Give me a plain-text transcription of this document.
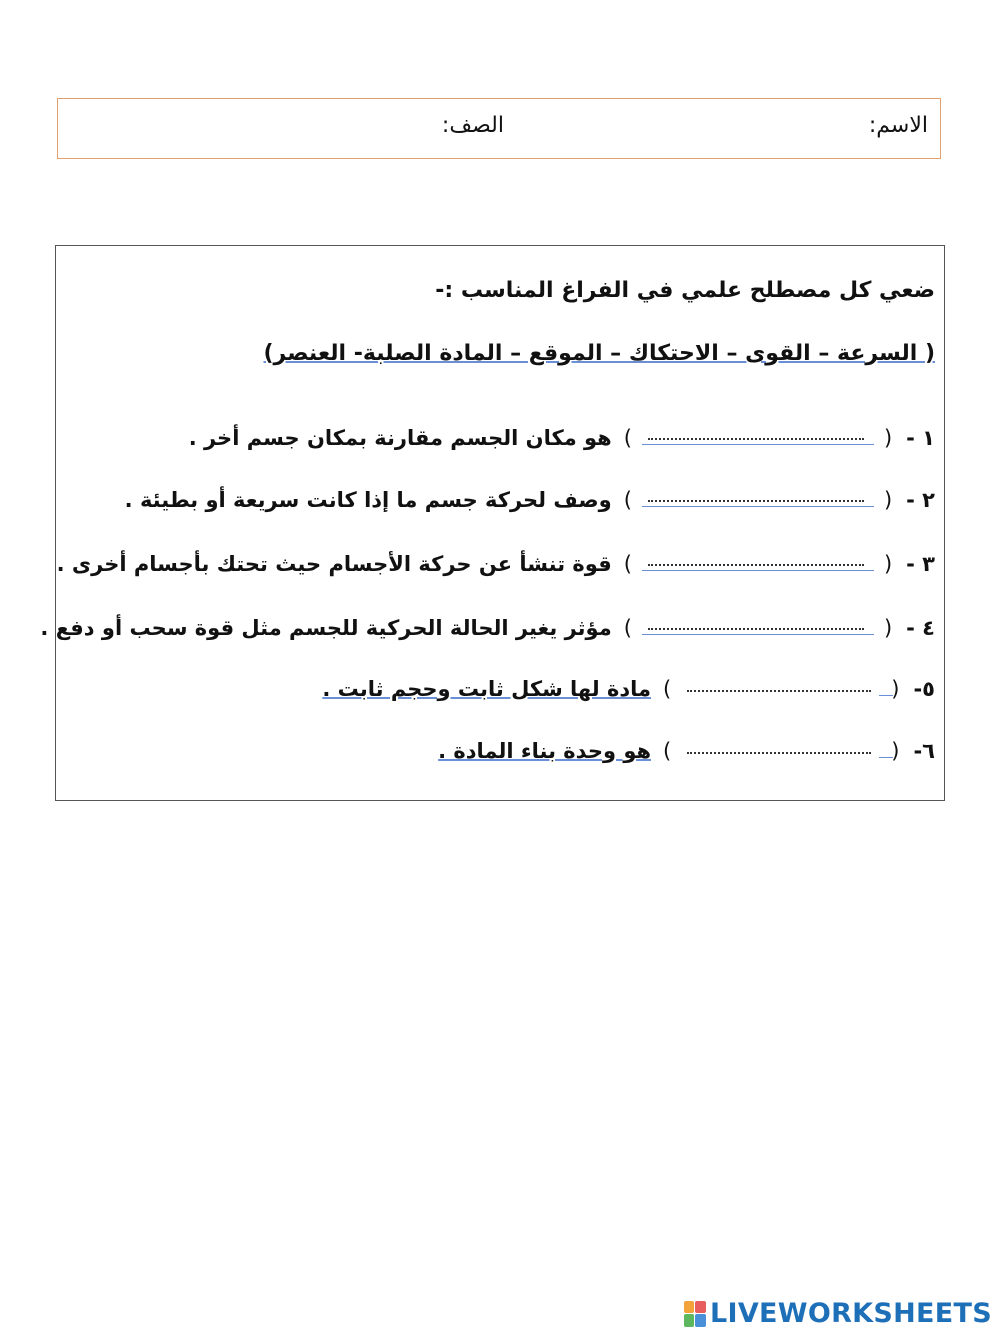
الاسم:
الصف:
ضعي كل مصطلح علمي في الفراغ المناسب :-
( السرعة – القوى – الاحتكاك – الموقع – المادة الصلبة- العنصر)
١ -
(
)
هو مكان الجسم مقارنة بمكان جسم أخر .
٢ -
(
)
وصف لحركة جسم ما إذا كانت سريعة أو بطيئة .
٣ -
(
)
قوة تنشأ عن حركة الأجسام حيث تحتك بأجسام أخرى .
٤ -
(
)
مؤثر يغير الحالة الحركية للجسم مثل قوة سحب أو دفع .
٥-
(
)
مادة لها شكل ثابت وحجم ثابت .
٦-
(
)
هو وحدة بناء المادة .
LIVEWORKSHEETS
